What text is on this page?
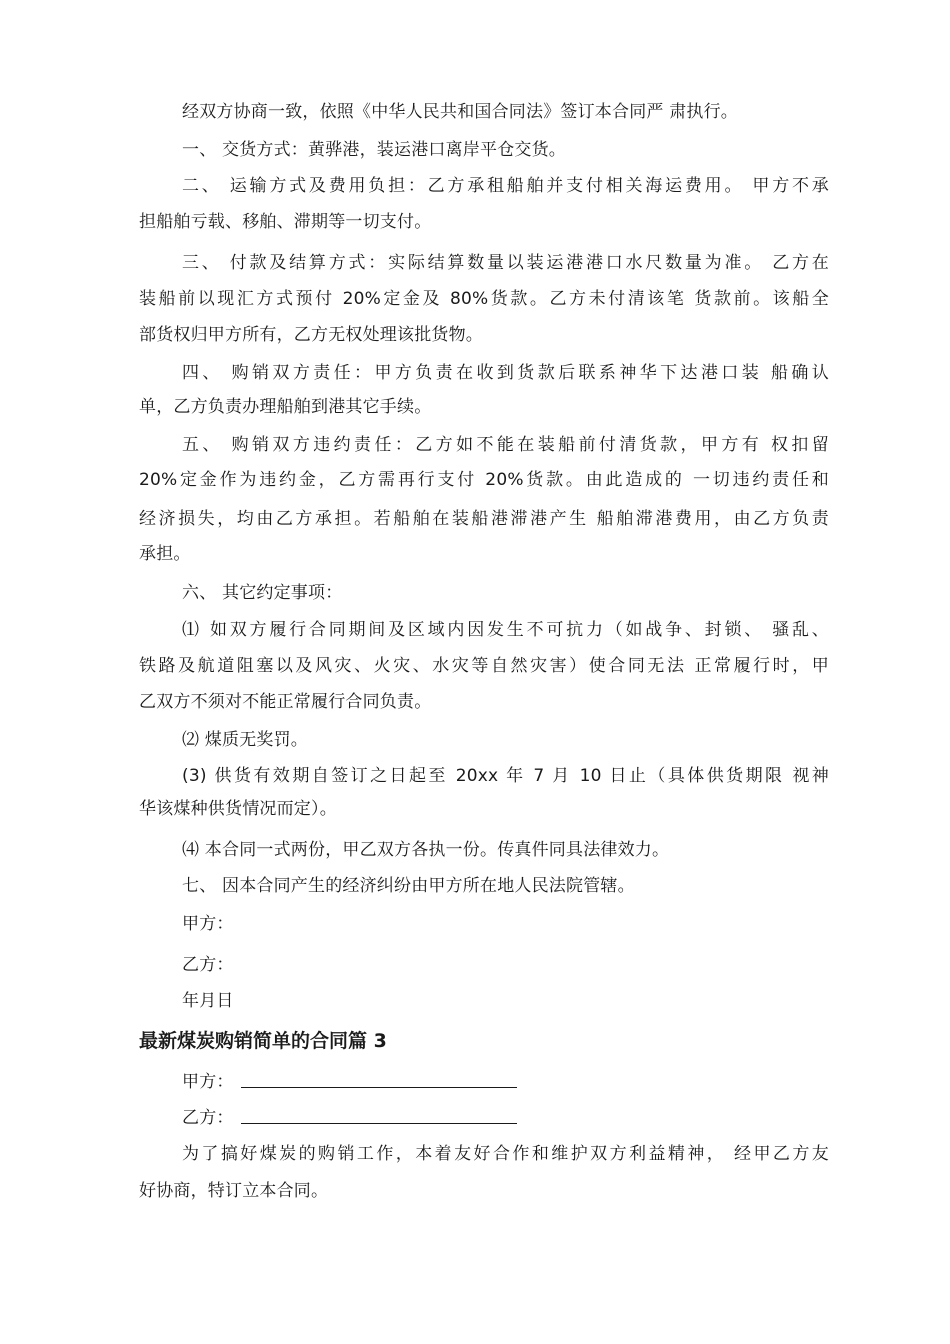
经双方协商一致，依照《中华人民共和国合同法》签订本合同严 肃执行。
一、 交货方式：黄骅港，装运港口离岸平仓交货。
二、 运输方式及费用负担：乙方承租船舶并支付相关海运费用。 甲方不承
担船舶亏载、移舶、滞期等一切支付。
三、 付款及结算方式：实际结算数量以装运港港口水尺数量为准。 乙方在
装船前以现汇方式预付 20%定金及 80%货款。乙方未付清该笔 货款前。该船全
部货权归甲方所有，乙方无权处理该批货物。
四、 购销双方责任：甲方负责在收到货款后联系神华下达港口装 船确认
单，乙方负责办理船舶到港其它手续。
五、 购销双方违约责任：乙方如不能在装船前付清货款，甲方有 权扣留
20%定金作为违约金，乙方需再行支付 20%货款。由此造成的 一切违约责任和
经济损失，均由乙方承担。若船舶在装船港滞港产生 船舶滞港费用，由乙方负责
承担。
六、 其它约定事项：
⑴ 如双方履行合同期间及区域内因发生不可抗力（如战争、封锁、 骚乱、
铁路及航道阻塞以及风灾、火灾、水灾等自然灾害）使合同无法 正常履行时，甲
乙双方不须对不能正常履行合同负责。
⑵ 煤质无奖罚。
(3) 供货有效期自签订之日起至 20xx 年 7 月 10 日止（具体供货期限 视神
华该煤种供货情况而定）。
⑷ 本合同一式两份，甲乙双方各执一份。传真件同具法律效力。
七、 因本合同产生的经济纠纷由甲方所在地人民法院管辖。
甲方：
乙方：
年月日
最新煤炭购销简单的合同篇 3
甲方：
乙方：
为了搞好煤炭的购销工作，本着友好合作和维护双方利益精神， 经甲乙方友
好协商，特订立本合同。
